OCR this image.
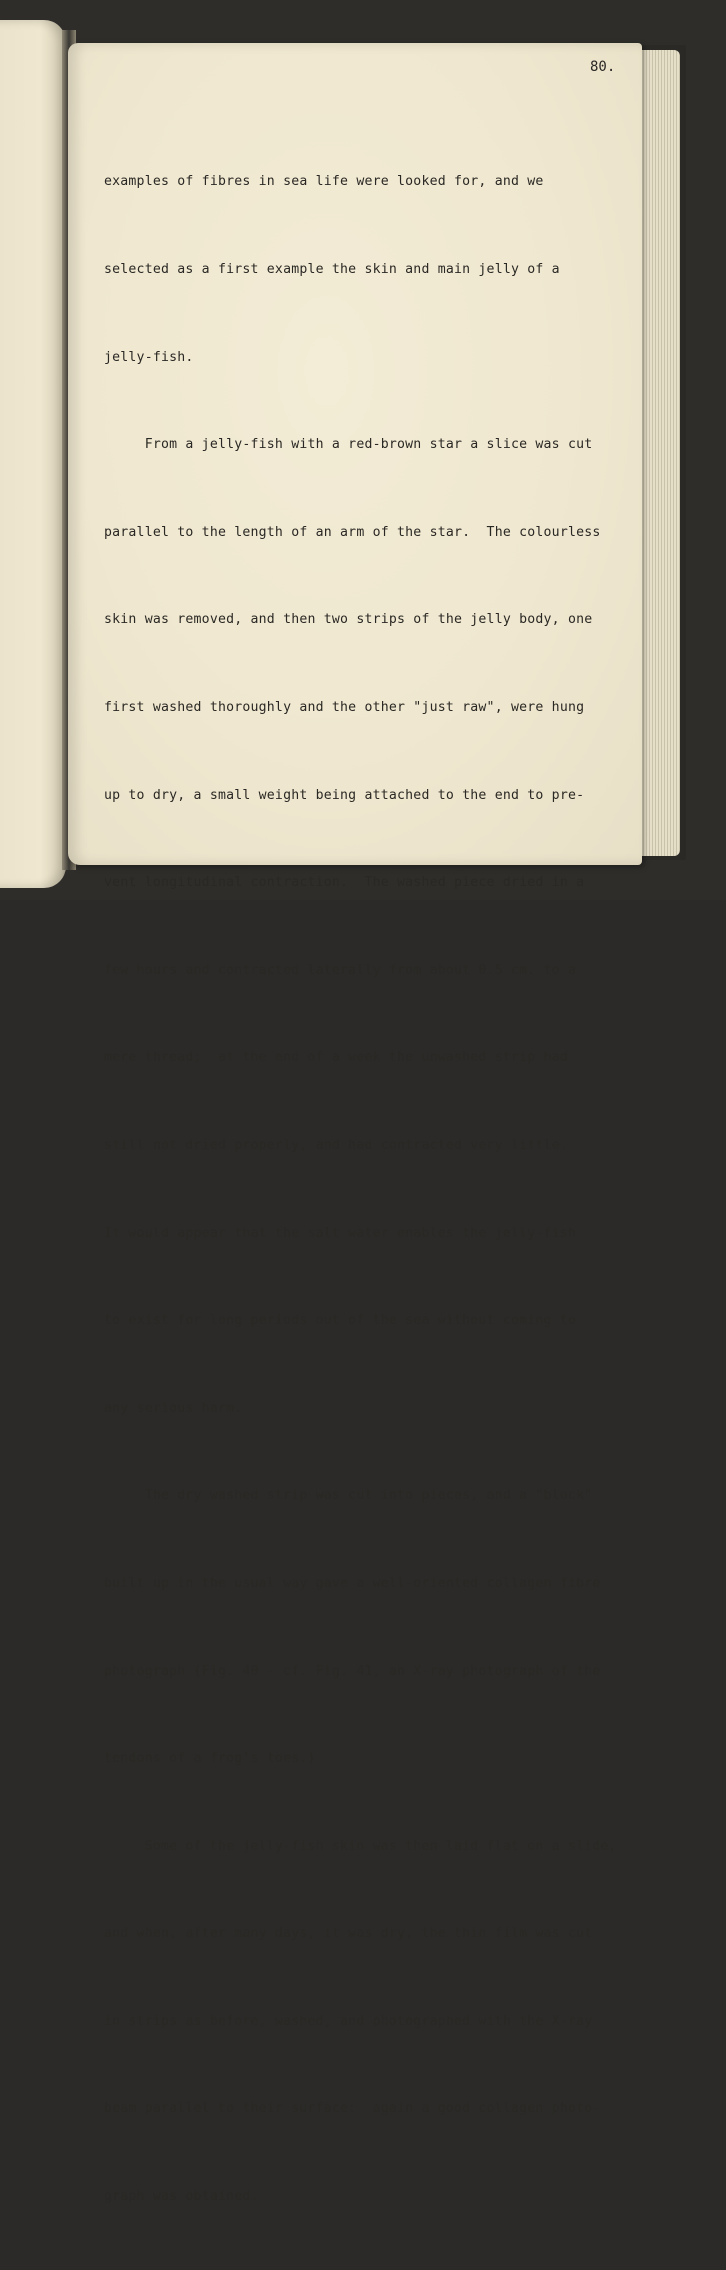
80.

examples of fibres in sea life were looked for, and we

selected as a first example the skin and main jelly of a

jelly-fish.

From a jelly-fish with a red-brown star a slice was cut

parallel to the length of an arm of the star.  The colourless

skin was removed, and then two strips of the jelly body, one

first washed thoroughly and the other "just raw", were hung

up to dry, a small weight being attached to the end to pre-

vent longitudinal contraction.  The washed piece dried in a

few hours and contracted laterally from about 0.5 cm. to a

mere thread;  at the end of a week the unwashed strip had

still not dried properly, and had contracted very little.

It would appear that the salt water enables the jelly-fish

to exist for long periods out of the sea without coming to

any serious harm.

The dry washed strip was cut into pieces, and a "block"

built up in the usual way gave a well-oriented collagen fibre

photograph (Fig. 40 - cf. Fig. 41, an X-ray photograph of the

tendons of a frog's toes.)

Some of the jelly-fish skin was then laid flat on a slide,

and when, after many days, it was dry, the thin film was cut

in strips as before, washed, and photographed with the X-ray

beam parallel to their surface:  again a good collagen photo-

graph was obtained.
